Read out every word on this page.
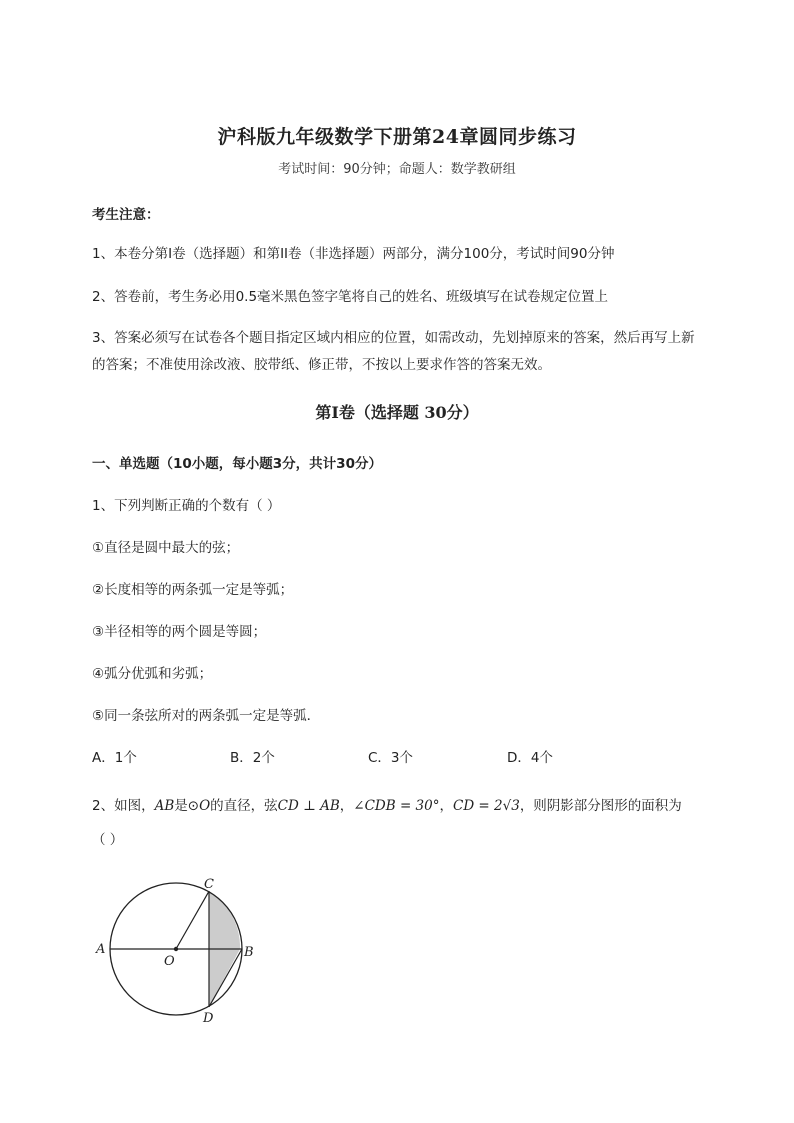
沪科版九年级数学下册第24章圆同步练习
考试时间：90分钟；命题人：数学教研组
考生注意：
1、本卷分第I卷（选择题）和第II卷（非选择题）两部分，满分100分，考试时间90分钟
2、答卷前，考生务必用0.5毫米黑色签字笔将自己的姓名、班级填写在试卷规定位置上
3、答案必须写在试卷各个题目指定区域内相应的位置，如需改动，先划掉原来的答案，然后再写上新
的答案；不准使用涂改液、胶带纸、修正带，不按以上要求作答的答案无效。
第I卷（选择题 30分）
一、单选题（10小题，每小题3分，共计30分）
1、下列判断正确的个数有（ ）
①直径是圆中最大的弦；
②长度相等的两条弧一定是等弧；
③半径相等的两个圆是等圆；
④弧分优弧和劣弧；
⑤同一条弦所对的两条弧一定是等弧．
A．1个	B．2个	C．3个	D．4个
2、如图，AB是⊙O的直径，弦CD ⊥ AB，∠CDB = 30°，CD = 2√3，则阴影部分图形的面积为
（ ）
A	B
C
D
O
